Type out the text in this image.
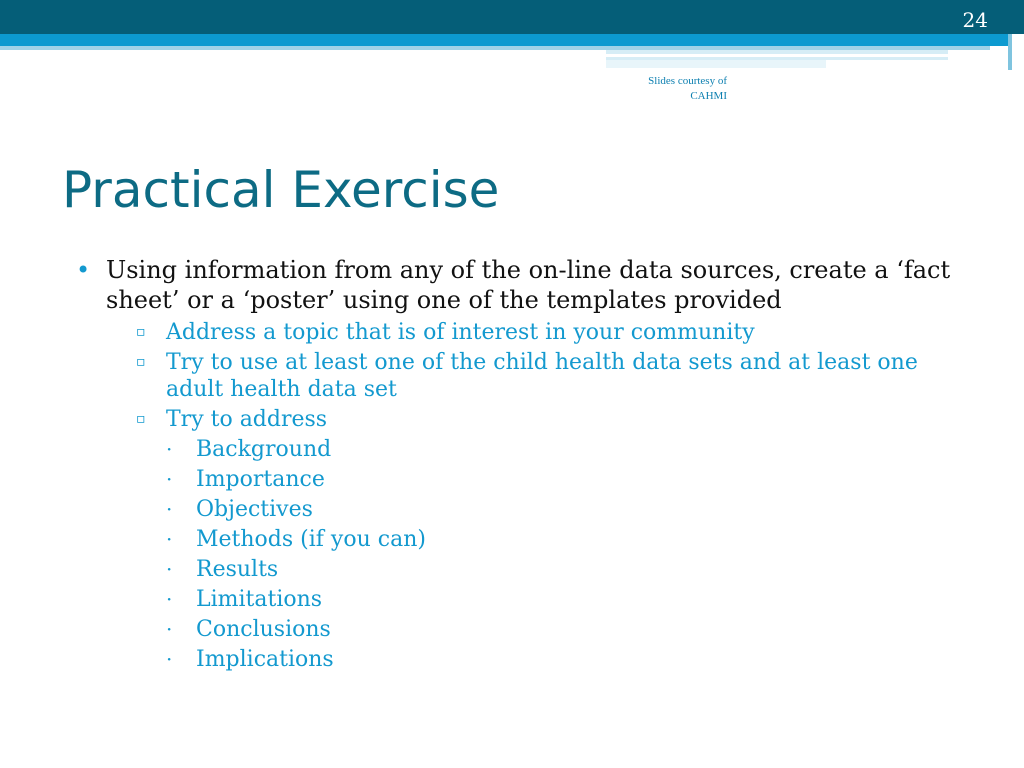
24
Slides courtesy of
CAHMI
Practical Exercise
• Using information from any of the on-line data sources, create a ‘fact sheet’ or a ‘poster’ using one of the templates provided
▫ Address a topic that is of interest in your community
▫ Try to use at least one of the child health data sets and at least one adult health data set
▫ Try to address
· Background
· Importance
· Objectives
· Methods (if you can)
· Results
· Limitations
· Conclusions
· Implications
